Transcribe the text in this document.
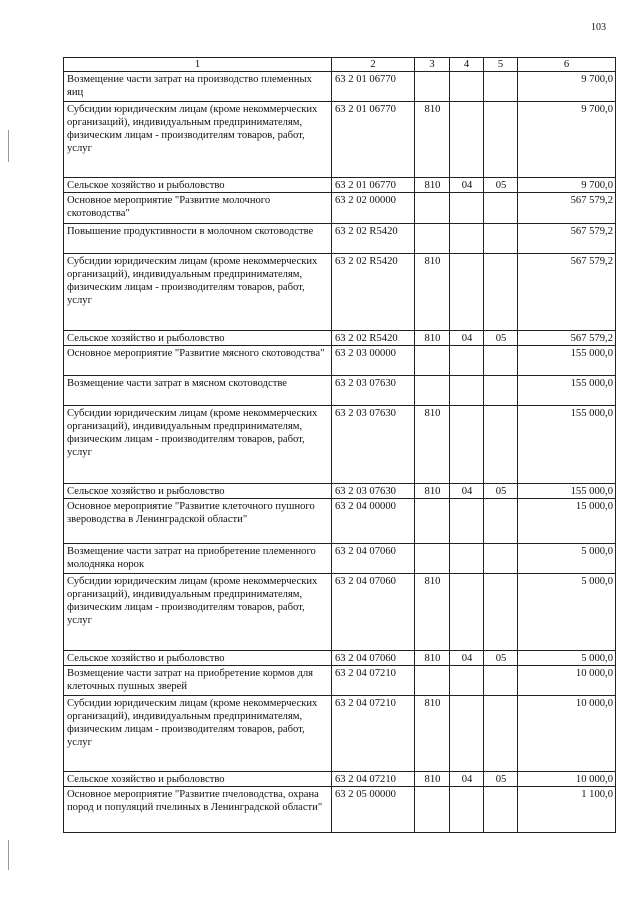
103
1	2	3	4	5	6
Возмещение части затрат на производство племенных яиц	63 2 01 06770				9 700,0
Субсидии юридическим лицам (кроме некоммерческих организаций), индивидуальным предпринимателям, физическим лицам - производителям товаров, работ, услуг	63 2 01 06770	810			9 700,0
Сельское хозяйство и рыболовство	63 2 01 06770	810	04	05	9 700,0
Основное мероприятие "Развитие молочного скотоводства"	63 2 02 00000				567 579,2
Повышение продуктивности в молочном скотоводстве	63 2 02 R5420				567 579,2
Субсидии юридическим лицам (кроме некоммерческих организаций), индивидуальным предпринимателям, физическим лицам - производителям товаров, работ, услуг	63 2 02 R5420	810			567 579,2
Сельское хозяйство и рыболовство	63 2 02 R5420	810	04	05	567 579,2
Основное мероприятие "Развитие мясного скотоводства"	63 2 03 00000				155 000,0
Возмещение части затрат в мясном скотоводстве	63 2 03 07630				155 000,0
Субсидии юридическим лицам (кроме некоммерческих организаций), индивидуальным предпринимателям, физическим лицам - производителям товаров, работ, услуг	63 2 03 07630	810			155 000,0
Сельское хозяйство и рыболовство	63 2 03 07630	810	04	05	155 000,0
Основное мероприятие "Развитие клеточного пушного звероводства в Ленинградской области"	63 2 04 00000				15 000,0
Возмещение части затрат на приобретение племенного молодняка норок	63 2 04 07060				5 000,0
Субсидии юридическим лицам (кроме некоммерческих организаций), индивидуальным предпринимателям, физическим лицам - производителям товаров, работ, услуг	63 2 04 07060	810			5 000,0
Сельское хозяйство и рыболовство	63 2 04 07060	810	04	05	5 000,0
Возмещение части затрат на приобретение кормов для клеточных пушных зверей	63 2 04 07210				10 000,0
Субсидии юридическим лицам (кроме некоммерческих организаций), индивидуальным предпринимателям, физическим лицам - производителям товаров, работ, услуг	63 2 04 07210	810			10 000,0
Сельское хозяйство и рыболовство	63 2 04 07210	810	04	05	10 000,0
Основное мероприятие "Развитие пчеловодства, охрана пород и популяций пчелиных в Ленинградской области"	63 2 05 00000				1 100,0
